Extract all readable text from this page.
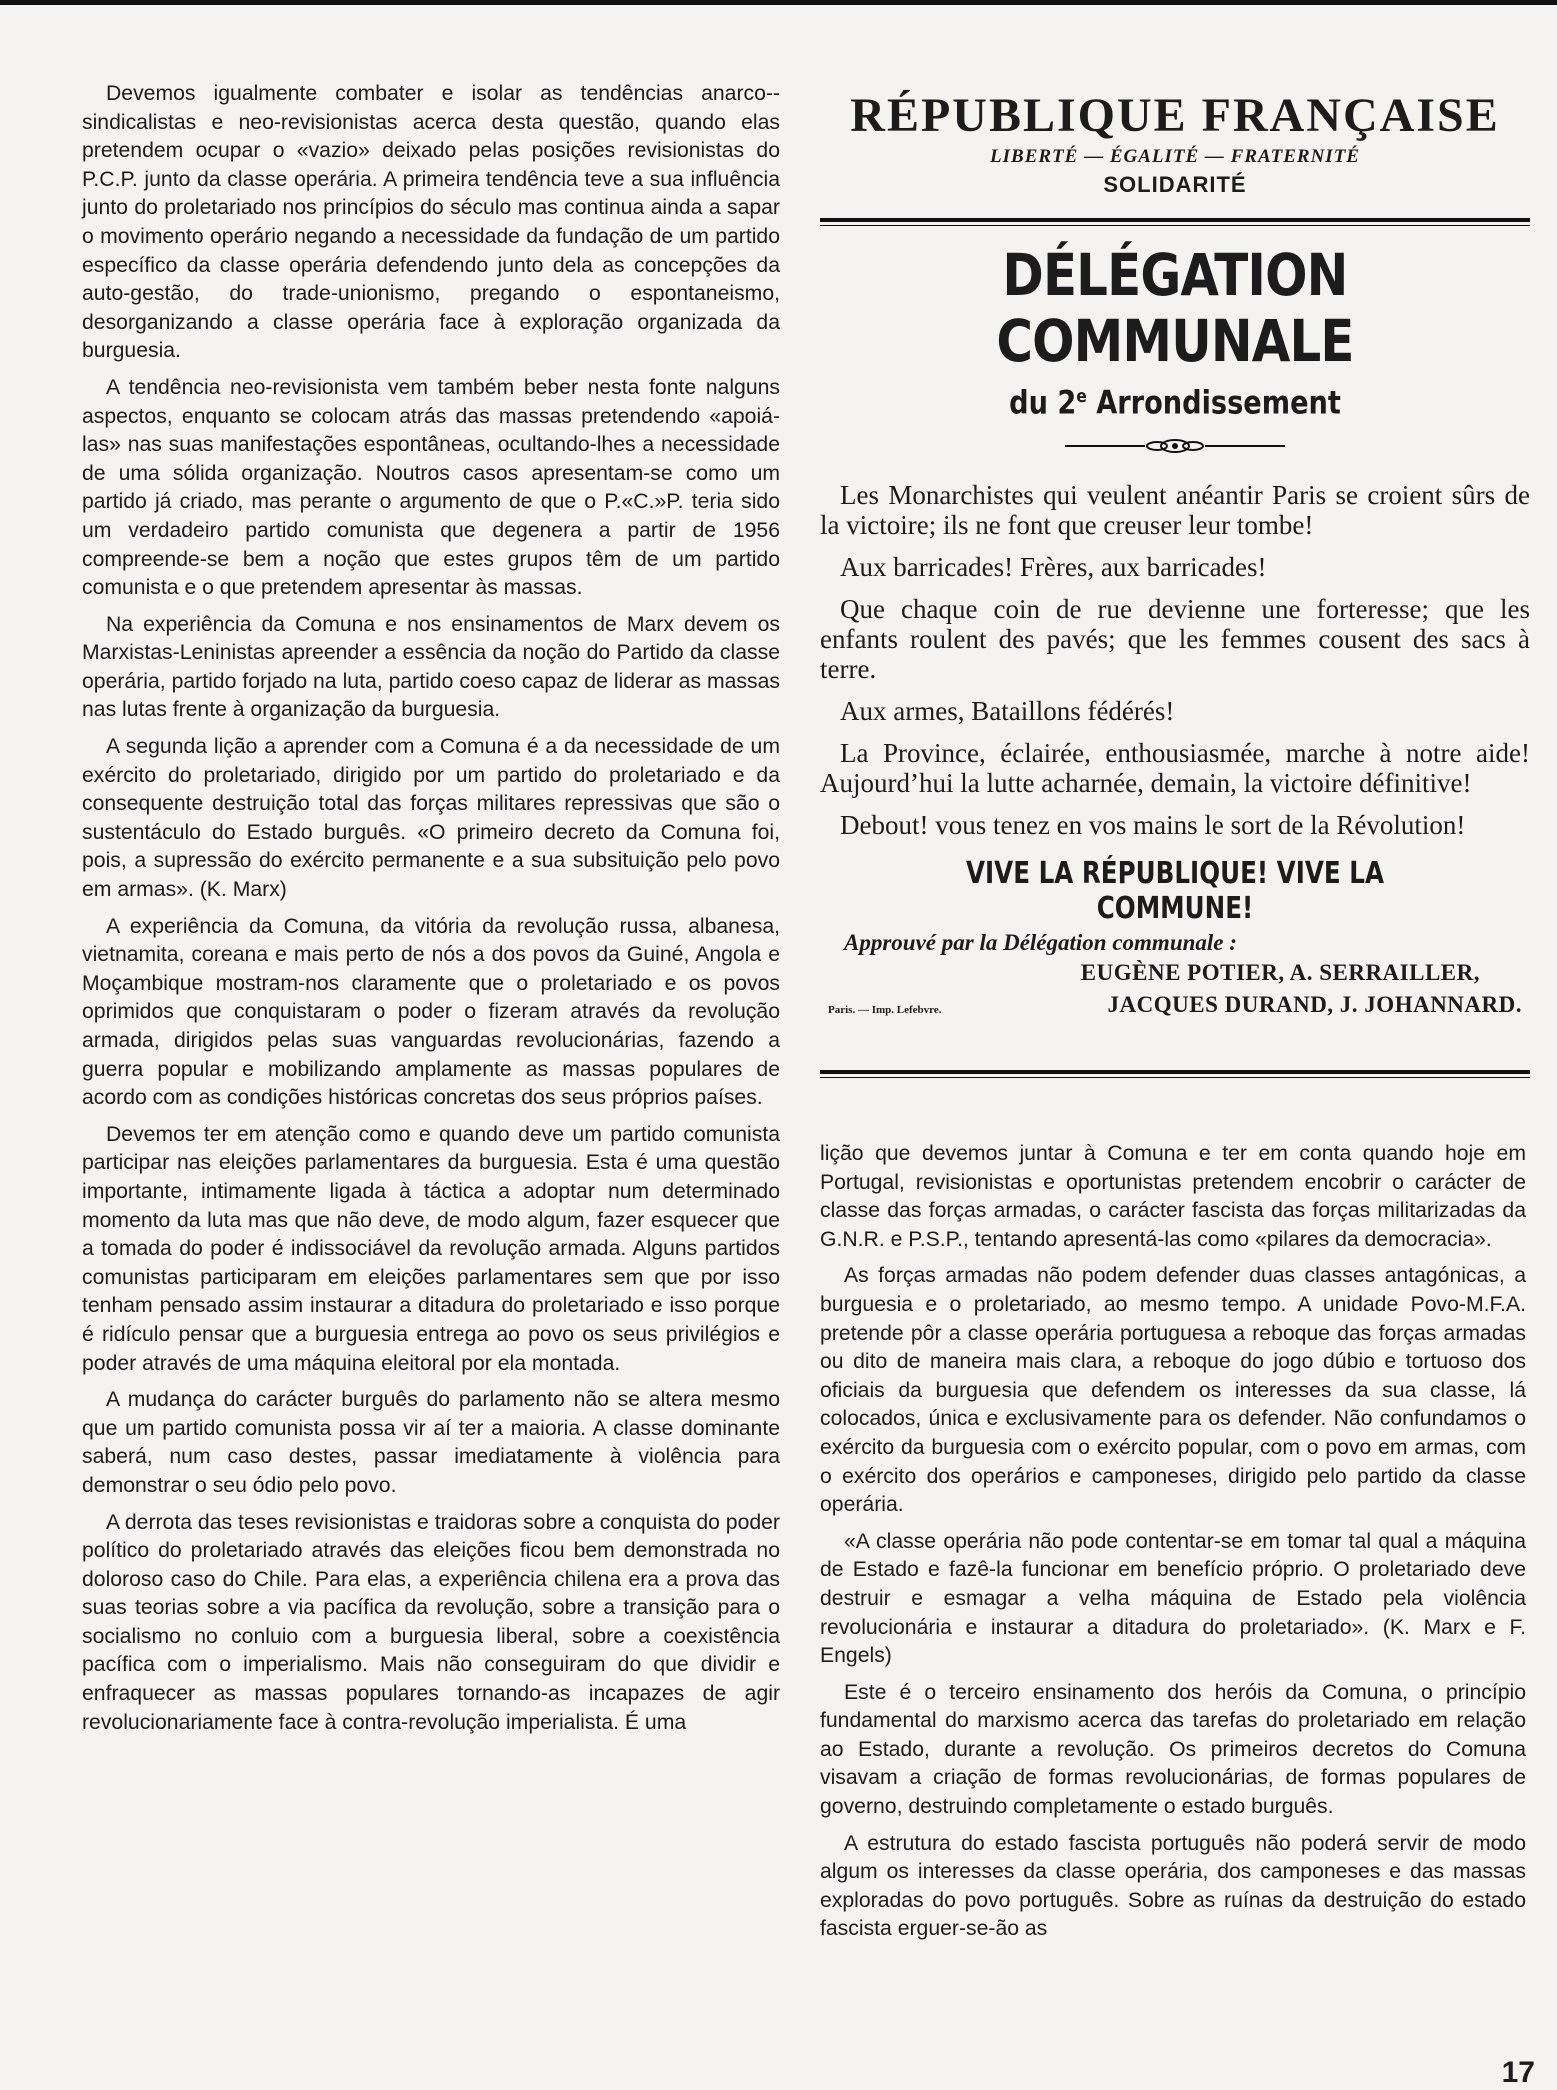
Devemos igualmente combater e isolar as tendências anarco--sindicalistas e neo-revisionistas acerca desta questão, quando elas pretendem ocupar o «vazio» deixado pelas posições revisionistas do P.C.P. junto da classe operária. A primeira tendência teve a sua influência junto do proletariado nos princípios do século mas continua ainda a sapar o movimento operário negando a necessidade da fundação de um partido específico da classe operária defendendo junto dela as concepções da auto-gestão, do trade-unionismo, pregando o espontaneismo, desorganizando a classe operária face à exploração organizada da burguesia.

A tendência neo-revisionista vem também beber nesta fonte nalguns aspectos, enquanto se colocam atrás das massas pretendendo «apoiá-las» nas suas manifestações espontâneas, ocultando-lhes a necessidade de uma sólida organização. Noutros casos apresentam-se como um partido já criado, mas perante o argumento de que o P.«C.»P. teria sido um verdadeiro partido comunista que degenera a partir de 1956 compreende-se bem a noção que estes grupos têm de um partido comunista e o que pretendem apresentar às massas.

Na experiência da Comuna e nos ensinamentos de Marx devem os Marxistas-Leninistas apreender a essência da noção do Partido da classe operária, partido forjado na luta, partido coeso capaz de liderar as massas nas lutas frente à organização da burguesia.

A segunda lição a aprender com a Comuna é a da necessidade de um exército do proletariado, dirigido por um partido do proletariado e da consequente destruição total das forças militares repressivas que são o sustentáculo do Estado burguês. «O primeiro decreto da Comuna foi, pois, a supressão do exército permanente e a sua subsituição pelo povo em armas». (K. Marx)

A experiência da Comuna, da vitória da revolução russa, albanesa, vietnamita, coreana e mais perto de nós a dos povos da Guiné, Angola e Moçambique mostram-nos claramente que o proletariado e os povos oprimidos que conquistaram o poder o fizeram através da revolução armada, dirigidos pelas suas vanguardas revolucionárias, fazendo a guerra popular e mobilizando amplamente as massas populares de acordo com as condições históricas concretas dos seus próprios países.

Devemos ter em atenção como e quando deve um partido comunista participar nas eleições parlamentares da burguesia. Esta é uma questão importante, intimamente ligada à táctica a adoptar num determinado momento da luta mas que não deve, de modo algum, fazer esquecer que a tomada do poder é indissociável da revolução armada. Alguns partidos comunistas participaram em eleições parlamentares sem que por isso tenham pensado assim instaurar a ditadura do proletariado e isso porque é ridículo pensar que a burguesia entrega ao povo os seus privilégios e poder através de uma máquina eleitoral por ela montada.

A mudança do carácter burguês do parlamento não se altera mesmo que um partido comunista possa vir aí ter a maioria. A classe dominante saberá, num caso destes, passar imediatamente à violência para demonstrar o seu ódio pelo povo.

A derrota das teses revisionistas e traidoras sobre a conquista do poder político do proletariado através das eleições ficou bem demonstrada no doloroso caso do Chile. Para elas, a experiência chilena era a prova das suas teorias sobre a via pacífica da revolução, sobre a transição para o socialismo no conluio com a burguesia liberal, sobre a coexistência pacífica com o imperialismo. Mais não conseguiram do que dividir e enfraquecer as massas populares tornando-as incapazes de agir revolucionariamente face à contra-revolução imperialista. É uma

RÉPUBLIQUE FRANÇAISE
LIBERTÉ — ÉGALITÉ — FRATERNITÉ
SOLIDARITÉ
DÉLÉGATION COMMUNALE
du 2e Arrondissement

Les Monarchistes qui veulent anéantir Paris se croient sûrs de la victoire; ils ne font que creuser leur tombe!

Aux barricades! Frères, aux barricades!

Que chaque coin de rue devienne une forteresse; que les enfants roulent des pavés; que les femmes cousent des sacs à terre.

Aux armes, Bataillons fédérés!

La Province, éclairée, enthousiasmée, marche à notre aide! Aujourd’hui la lutte acharnée, demain, la victoire définitive!

Debout! vous tenez en vos mains le sort de la Révolution!

VIVE LA RÉPUBLIQUE! VIVE LA COMMUNE!
Approuvé par la Délégation communale :
EUGÈNE POTIER, A. SERRAILLER,
JACQUES DURAND, J. JOHANNARD.
Paris. — Imp. Lefebvre.

lição que devemos juntar à Comuna e ter em conta quando hoje em Portugal, revisionistas e oportunistas pretendem encobrir o carácter de classe das forças armadas, o carácter fascista das forças militarizadas da G.N.R. e P.S.P., tentando apresentá-las como «pilares da democracia».

As forças armadas não podem defender duas classes antagónicas, a burguesia e o proletariado, ao mesmo tempo. A unidade Povo-M.F.A. pretende pôr a classe operária portuguesa a reboque das forças armadas ou dito de maneira mais clara, a reboque do jogo dúbio e tortuoso dos oficiais da burguesia que defendem os interesses da sua classe, lá colocados, única e exclusivamente para os defender. Não confundamos o exército da burguesia com o exército popular, com o povo em armas, com o exército dos operários e camponeses, dirigido pelo partido da classe operária.

«A classe operária não pode contentar-se em tomar tal qual a máquina de Estado e fazê-la funcionar em benefício próprio. O proletariado deve destruir e esmagar a velha máquina de Estado pela violência revolucionária e instaurar a ditadura do proletariado». (K. Marx e F. Engels)

Este é o terceiro ensinamento dos heróis da Comuna, o princípio fundamental do marxismo acerca das tarefas do proletariado em relação ao Estado, durante a revolução. Os primeiros decretos do Comuna visavam a criação de formas revolucionárias, de formas populares de governo, destruindo completamente o estado burguês.

A estrutura do estado fascista português não poderá servir de modo algum os interesses da classe operária, dos camponeses e das massas exploradas do povo português. Sobre as ruínas da destruição do estado fascista erguer-se-ão as

17
